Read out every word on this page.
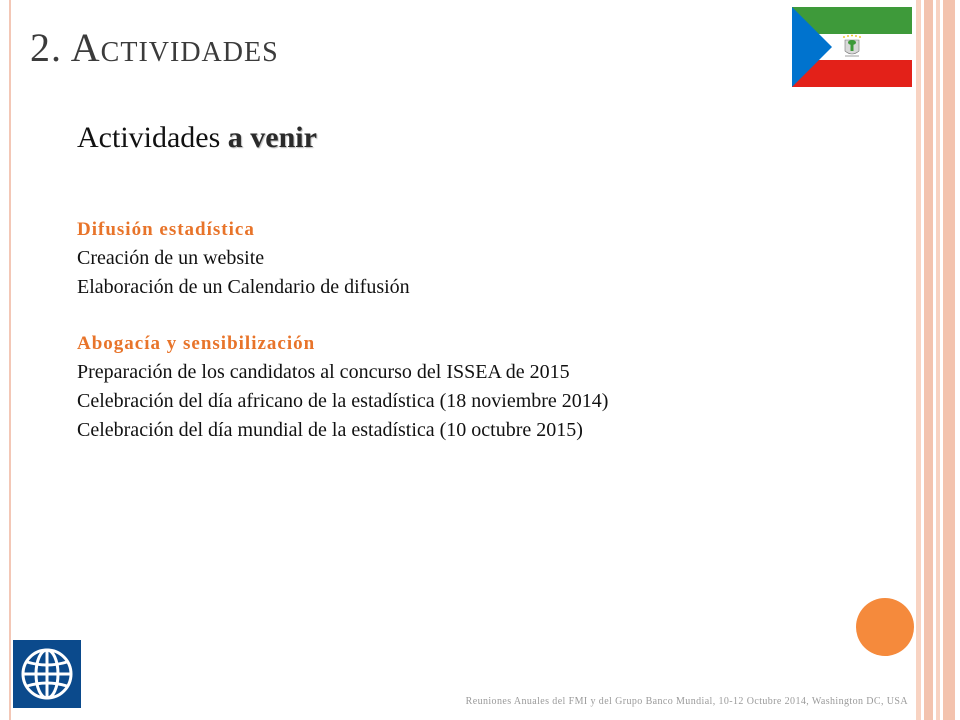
2. Actividades
Actividades a venir
Difusión estadística
Creación de un website
Elaboración de un Calendario de difusión
Abogacía y sensibilización
Preparación de los candidatos al concurso del ISSEA de 2015
Celebración del día africano de la estadística (18 noviembre 2014)
Celebración del día mundial de la estadística (10 octubre 2015)
Reuniones Anuales del FMI y del Grupo Banco Mundial, 10-12 Octubre 2014, Washington DC, USA
